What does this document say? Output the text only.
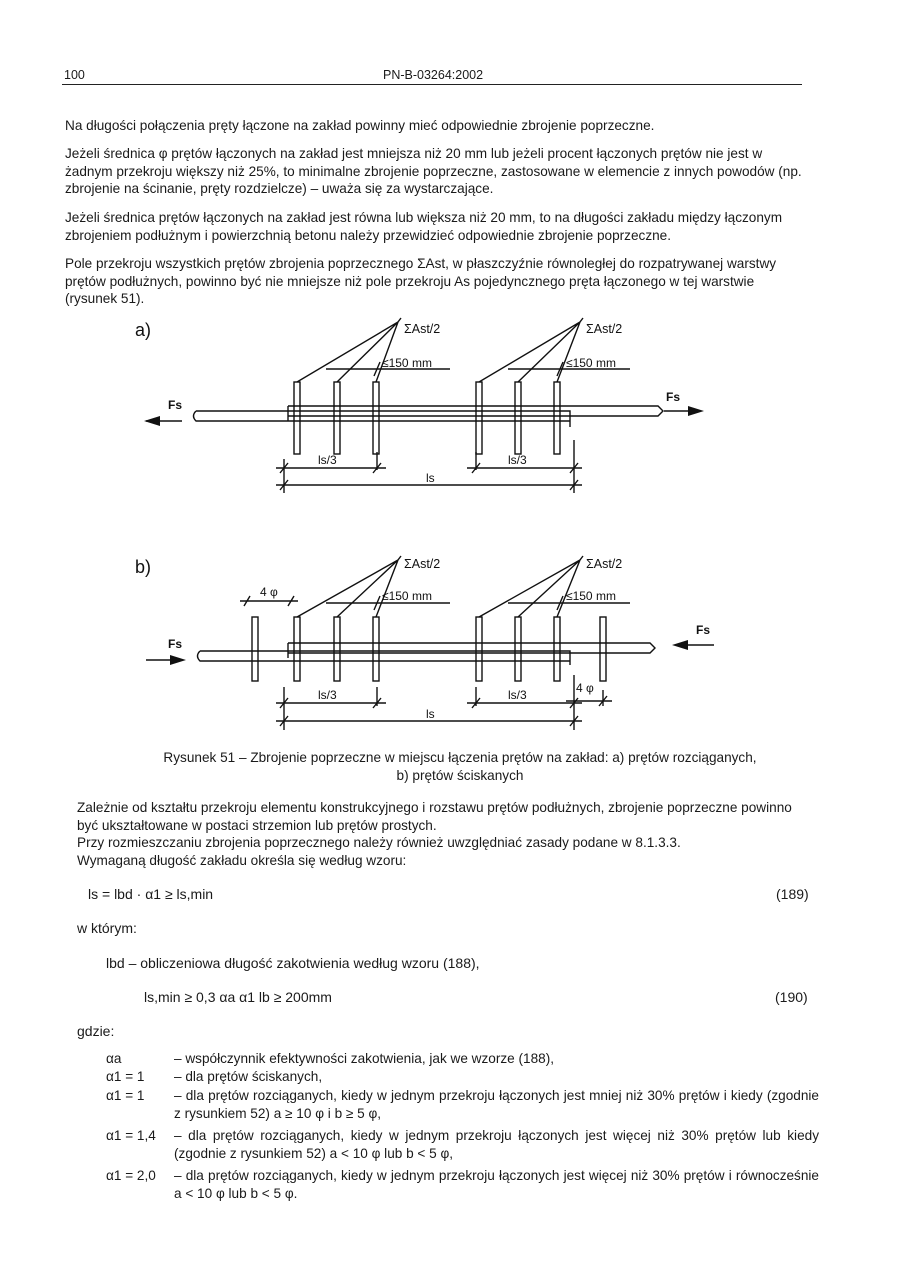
100	PN-B-03264:2002
Na długości połączenia pręty łączone na zakład powinny mieć odpowiednie zbrojenie poprzeczne.
Jeżeli średnica φ prętów łączonych na zakład jest mniejsza niż 20 mm lub jeżeli procent łączonych prętów nie jest w żadnym przekroju większy niż 25%, to minimalne zbrojenie poprzeczne, zastosowane w elemencie z innych powodów (np. zbrojenie na ścinanie, pręty rozdzielcze) – uważa się za wystarczające.
Jeżeli średnica prętów łączonych na zakład jest równa lub większa niż 20 mm, to na długości zakładu między łączonym zbrojeniem podłużnym i powierzchnią betonu należy przewidzieć odpowiednie zbrojenie poprzeczne.
Pole przekroju wszystkich prętów zbrojenia poprzecznego ΣAst, w płaszczyźnie równoległej do rozpatrywanej warstwy prętów podłużnych, powinno być nie mniejsze niż pole przekroju As pojedyncznego pręta łączonego w tej warstwie (rysunek 51).
a)
b)
ΣAst/2	ΣAst/2
≤150 mm	≤150 mm
Fs
Fs
ls/3	ls/3
ls
ΣAst/2	ΣAst/2
≤150 mm	≤150 mm
4 φ
Fs
Fs
ls/3	ls/3	4 φ
ls
Rysunek 51 – Zbrojenie poprzeczne w miejscu łączenia prętów na zakład: a) prętów rozciąganych,
b) prętów ściskanych
Zależnie od kształtu przekroju elementu konstrukcyjnego i rozstawu prętów podłużnych, zbrojenie poprzeczne powinno być ukształtowane w postaci strzemion lub prętów prostych.
Przy rozmieszczaniu zbrojenia poprzecznego należy również uwzględniać zasady podane w 8.1.3.3.
Wymaganą długość zakładu określa się według wzoru:
ls = lbd · α1 ≥ ls,min	(189)
w którym:
lbd – obliczeniowa długość zakotwienia według wzoru (188),
ls,min ≥ 0,3 αa α1 lb ≥ 200mm	(190)
gdzie:
αa	– współczynnik efektywności zakotwienia, jak we wzorze (188),
α1 = 1 – dla prętów ściskanych,
α1 = 1 – dla prętów rozciąganych, kiedy w jednym przekroju łączonych jest mniej niż 30% prętów i kiedy (zgodnie z rysunkiem 52) a ≥ 10 φ i b ≥ 5 φ,
α1 = 1,4 – dla prętów rozciąganych, kiedy w jednym przekroju łączonych jest więcej niż 30% prętów lub kiedy (zgodnie z rysunkiem 52) a < 10 φ lub b < 5 φ,
α1 = 2,0 – dla prętów rozciąganych, kiedy w jednym przekroju łączonych jest więcej niż 30% prętów i równocześnie a < 10 φ lub b < 5 φ.
